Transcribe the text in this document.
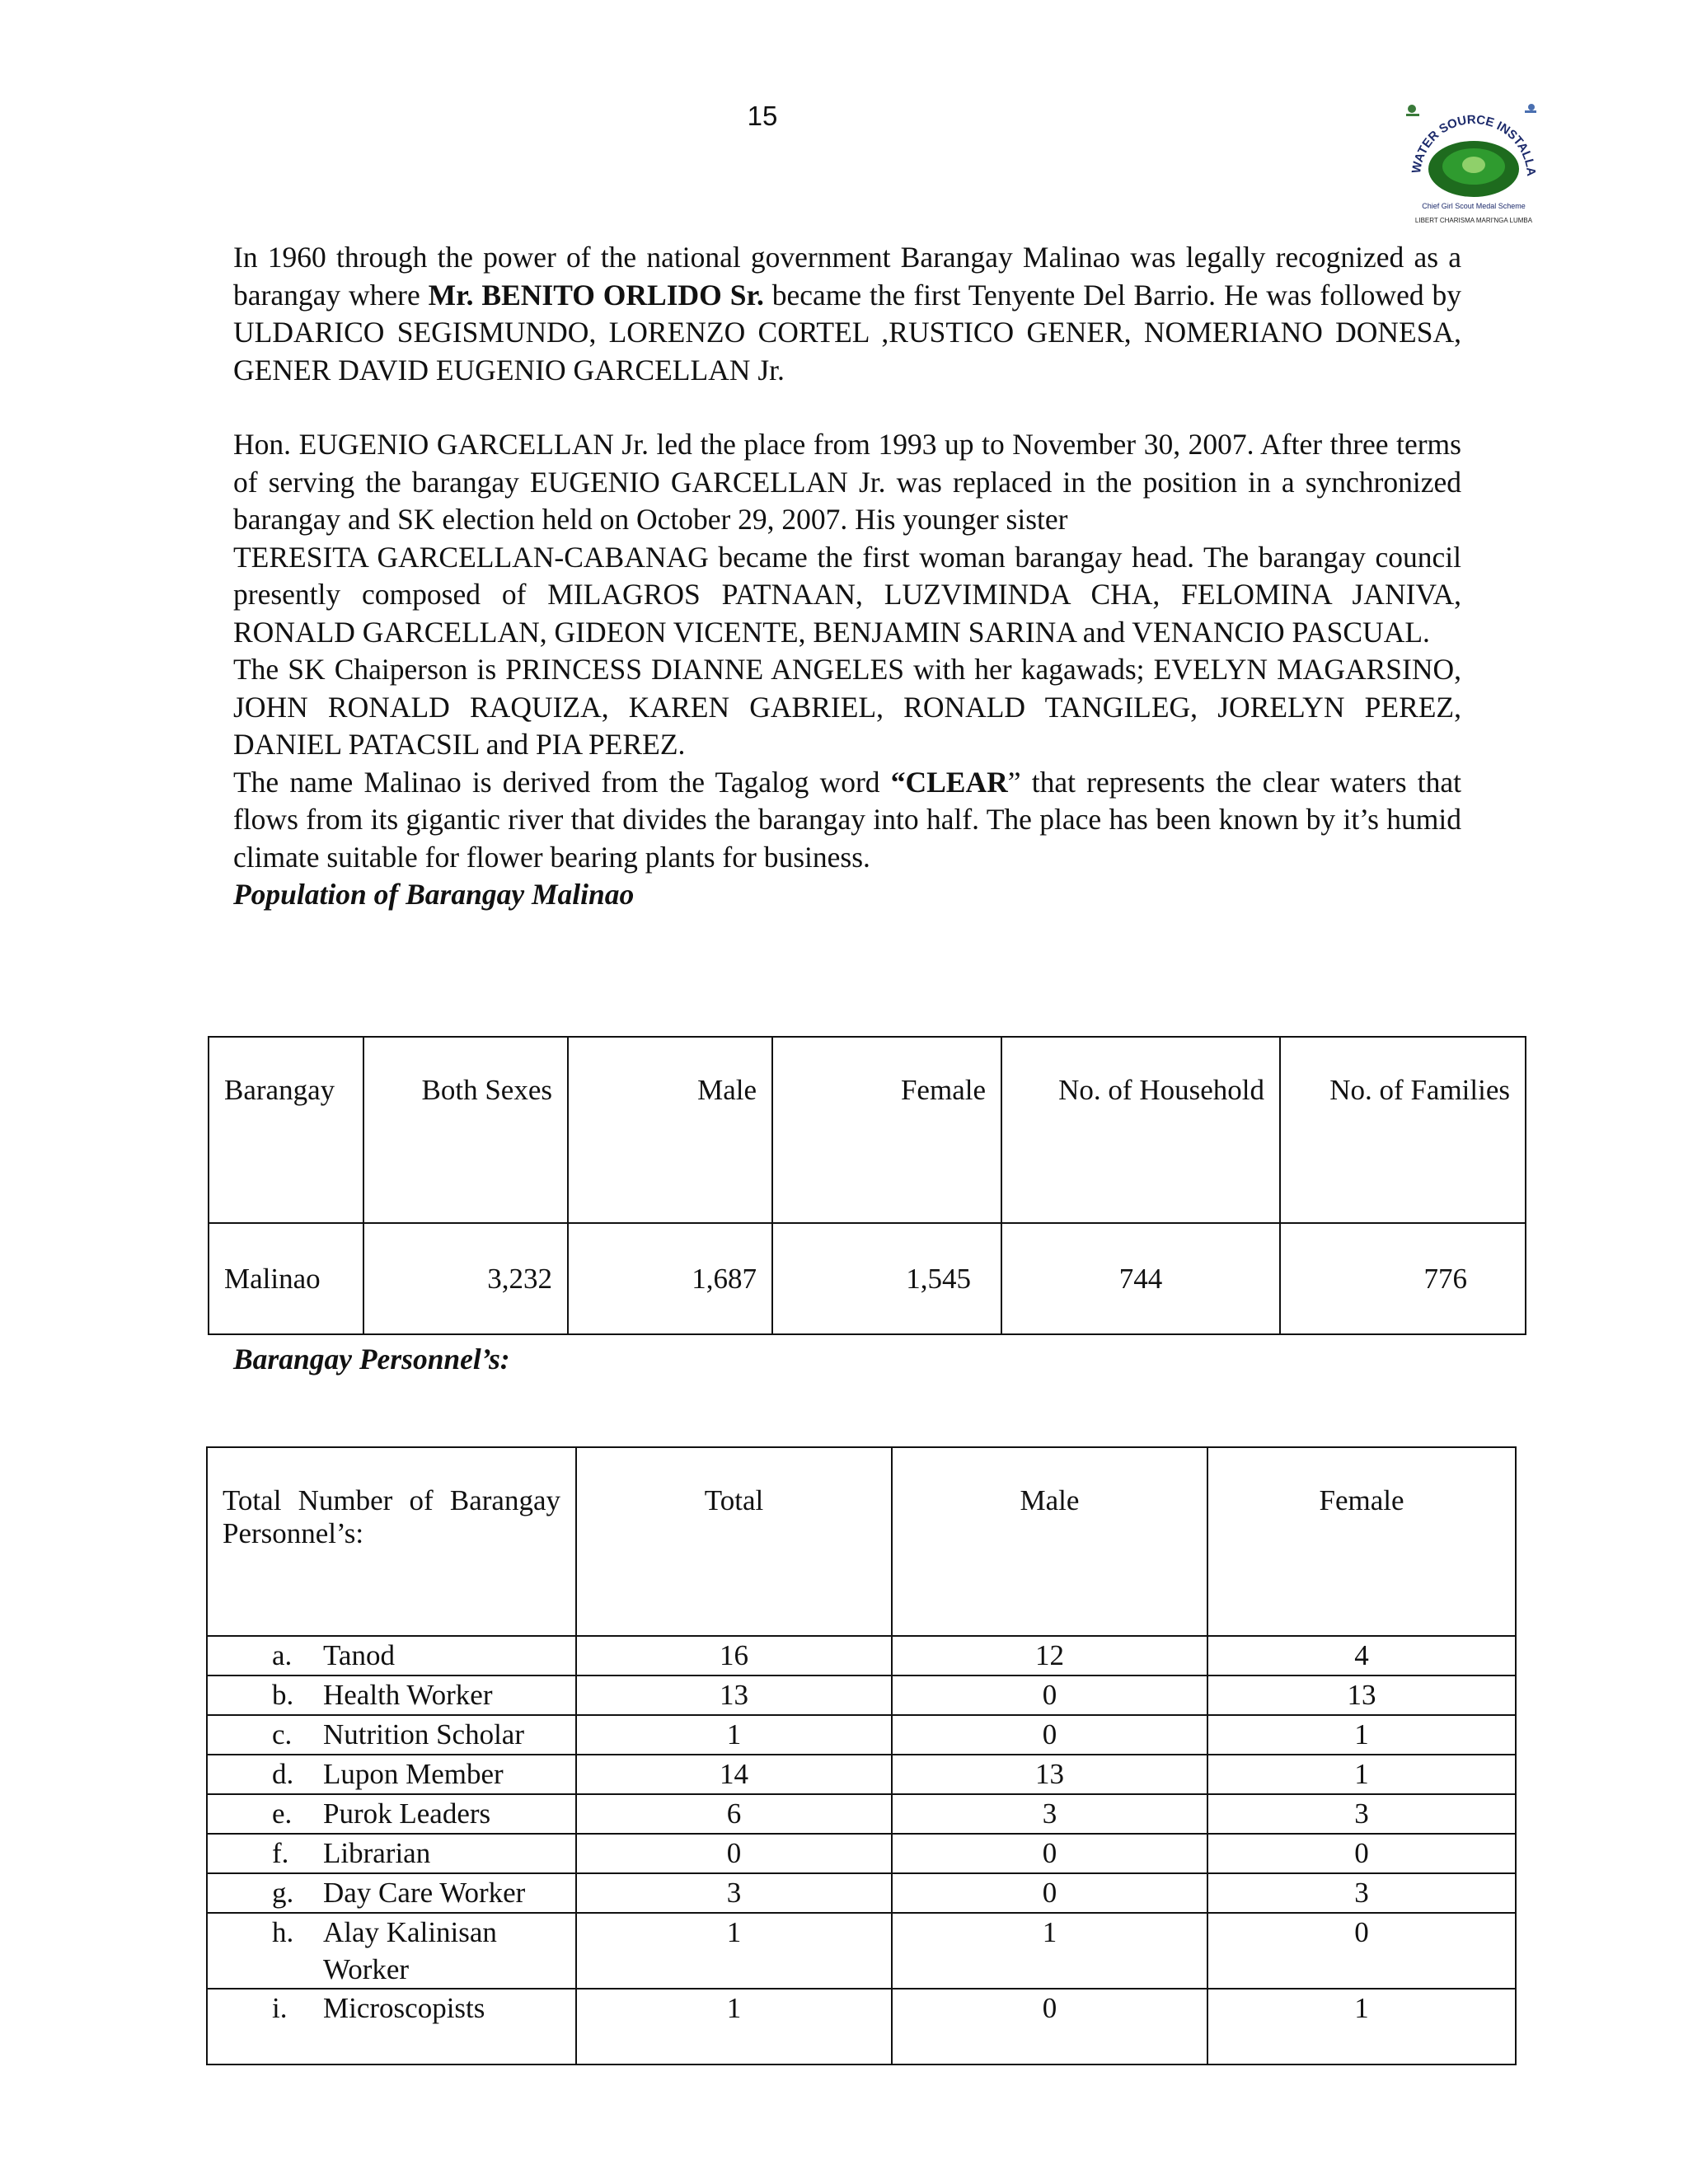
15
WATER SOURCE INSTALLA
Chief Girl Scout Medal Scheme
LIBERT CHARISMA MARI'NGA LUMBA

In 1960 through the power of the national government Barangay Malinao was legally recognized as a barangay where Mr. BENITO ORLIDO Sr. became the first Tenyente Del Barrio. He was followed by ULDARICO SEGISMUNDO, LORENZO CORTEL ,RUSTICO GENER, NOMERIANO DONESA, GENER DAVID EUGENIO GARCELLAN Jr.

Hon. EUGENIO GARCELLAN Jr. led the place from 1993 up to November 30, 2007. After three terms of serving the barangay EUGENIO GARCELLAN Jr. was replaced in the position in a synchronized barangay and SK election held on October 29, 2007. His younger sister

TERESITA GARCELLAN-CABANAG became the first woman barangay head. The barangay council presently composed of MILAGROS PATNAAN, LUZVIMINDA CHA, FELOMINA JANIVA, RONALD GARCELLAN, GIDEON VICENTE, BENJAMIN SARINA and VENANCIO PASCUAL.

The SK Chaiperson is PRINCESS DIANNE ANGELES with her kagawads; EVELYN MAGARSINO, JOHN RONALD RAQUIZA, KAREN GABRIEL, RONALD TANGILEG, JORELYN PEREZ, DANIEL PATACSIL and PIA PEREZ.

The name Malinao is derived from the Tagalog word “CLEAR” that represents the clear waters that flows from its gigantic river that divides the barangay into half. The place has been known by it’s humid climate suitable for flower bearing plants for business.

Population of Barangay Malinao

Barangay	Both Sexes	Male	Female	No. of Household	No. of Families
Malinao	3,232	1,687	1,545	744	776
Barangay Personnel’s:
Total Number of Barangay Personnel’s:	Total	Male	Female

a. Tanod	16	12	4

b. Health Worker	13	0	13

c. Nutrition Scholar	1	0	1

d. Lupon Member	14	13	1

e. Purok Leaders	6	3	3

f. Librarian	0	0	0

g. Day Care Worker	3	0	3

h. Alay Kalinisan Worker	1	1	0

i. Microscopists	1	0	1
